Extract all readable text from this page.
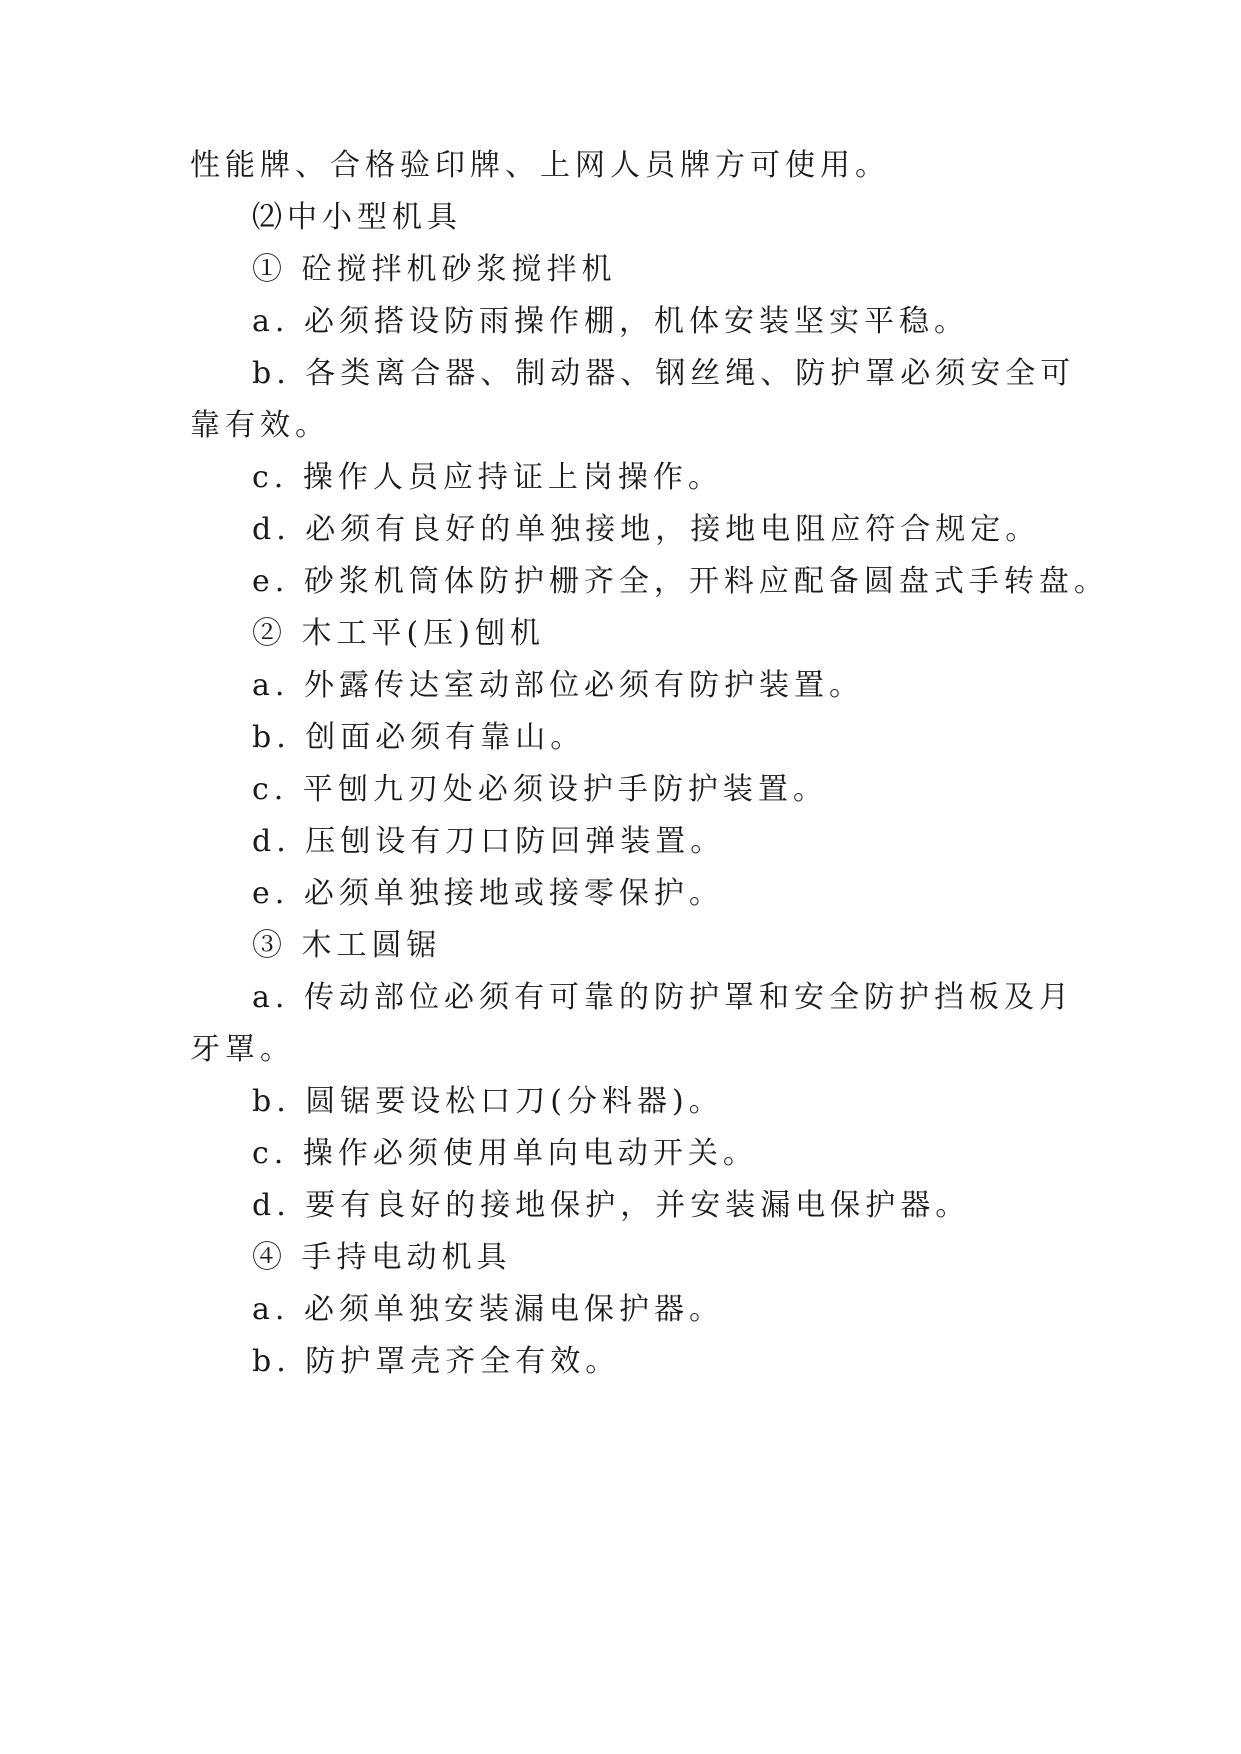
性能牌、合格验印牌、上网人员牌方可使用。
⑵中小型机具
① 砼搅拌机砂浆搅拌机
a. 必须搭设防雨操作棚，机体安装坚实平稳。
b. 各类离合器、制动器、钢丝绳、防护罩必须安全可
靠有效。
c. 操作人员应持证上岗操作。
d. 必须有良好的单独接地，接地电阻应符合规定。
e. 砂浆机筒体防护栅齐全，开料应配备圆盘式手转盘。
② 木工平(压)刨机
a. 外露传达室动部位必须有防护装置。
b. 创面必须有靠山。
c. 平刨九刃处必须设护手防护装置。
d. 压刨设有刀口防回弹装置。
e. 必须单独接地或接零保护。
③ 木工圆锯
a. 传动部位必须有可靠的防护罩和安全防护挡板及月
牙罩。
b. 圆锯要设松口刀(分料器)。
c. 操作必须使用单向电动开关。
d. 要有良好的接地保护，并安装漏电保护器。
④ 手持电动机具
a. 必须单独安装漏电保护器。
b. 防护罩壳齐全有效。
